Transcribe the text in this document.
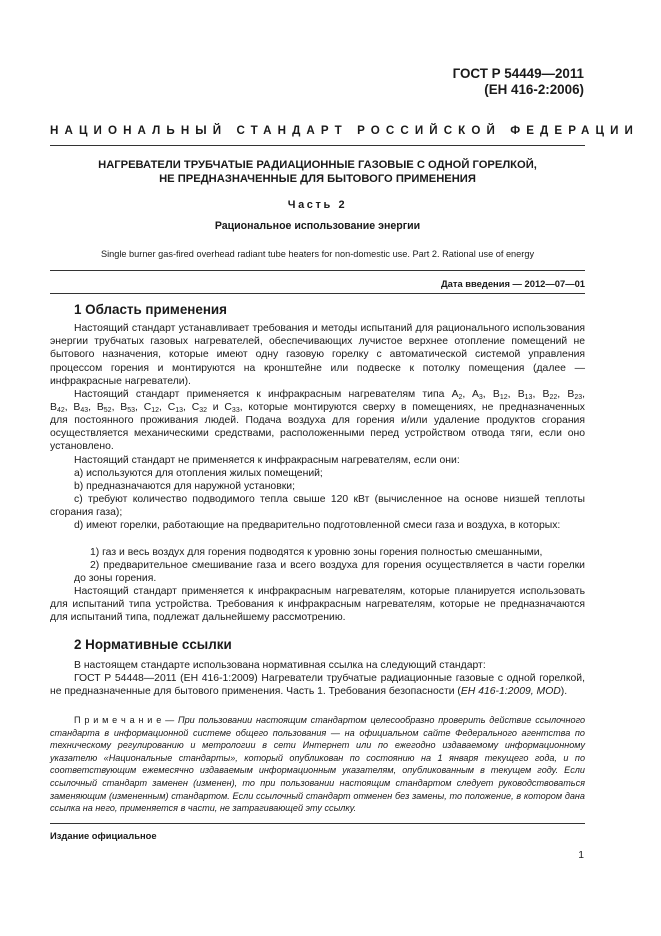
ГОСТ Р 54449—2011
(ЕН 416-2:2006)
НАЦИОНАЛЬНЫЙ СТАНДАРТ РОССИЙСКОЙ ФЕДЕРАЦИИ
НАГРЕВАТЕЛИ ТРУБЧАТЫЕ РАДИАЦИОННЫЕ ГАЗОВЫЕ С ОДНОЙ ГОРЕЛКОЙ,
НЕ ПРЕДНАЗНАЧЕННЫЕ ДЛЯ БЫТОВОГО ПРИМЕНЕНИЯ
Часть 2
Рациональное использование энергии
Single burner gas-fired overhead radiant tube heaters for non-domestic use. Part 2. Rational use of energy
Дата введения — 2012—07—01
1 Область применения
Настоящий стандарт устанавливает требования и методы испытаний для рационального использования энергии трубчатых газовых нагревателей, обеспечивающих лучистое верхнее отопление помещений не бытового назначения, которые имеют одну газовую горелку с автоматической системой управления процессом горения и монтируются на кронштейне или подвеске к потолку помещения (далее — инфракрасные нагреватели).
Настоящий стандарт применяется к инфракрасным нагревателям типа $A_2$, $A_3$, $B_{12}$, $B_{13}$, $B_{22}$, $B_{23}$,
$B_{42}$, $B_{43}$, $B_{52}$, $B_{53}$, $C_{12}$, $C_{13}$, $C_{32}$ и $C_{33}$, которые монтируются сверху в помещениях, не предназначенных
для постоянного проживания людей. Подача воздуха для горения и/или удаление продуктов сгорания осуществляется механическими средствами, расположенными перед устройством отвода тяги, если оно установлено.
Настоящий стандарт не применяется к инфракрасным нагревателям, если они:
а) используются для отопления жилых помещений;
b) предназначаются для наружной установки;
с) требуют количество подводимого тепла свыше 120 кВт (вычисленное на основе низшей теплоты сгорания газа);
d) имеют горелки, работающие на предварительно подготовленной смеси газа и воздуха, в которых:
1) газ и весь воздух для горения подводятся к уровню зоны горения полностью смешанными,
2) предварительное смешивание газа и всего воздуха для горения осуществляется в части горелки до зоны горения.
Настоящий стандарт применяется к инфракрасным нагревателям, которые планируется использовать для испытаний типа устройства. Требования к инфракрасным нагревателям, которые не предназначаются для испытаний типа, подлежат дальнейшему рассмотрению.
2 Нормативные ссылки
В настоящем стандарте использована нормативная ссылка на следующий стандарт:
ГОСТ Р 54448—2011 (ЕН 416-1:2009) Нагреватели трубчатые радиационные газовые с одной горелкой, не предназначенные для бытового применения. Часть 1. Требования безопасности (ЕН 416-1:2009, MOD).
П р и м е ч а н и е — При пользовании настоящим стандартом целесообразно проверить действие ссылочного стандарта в информационной системе общего пользования — на официальном сайте Федерального агентства по техническому регулированию и метрологии в сети Интернет или по ежегодно издаваемому информационному указателю «Национальные стандарты», который опубликован по состоянию на 1 января текущего года, и по соответствующим ежемесячно издаваемым информационным указателям, опубликованным в текущем году. Если ссылочный стандарт заменен (изменен), то при пользовании настоящим стандартом следует руководствоваться заменяющим (измененным) стандартом. Если ссылочный стандарт отменен без замены, то положение, в котором дана ссылка на него, применяется в части, не затрагивающей эту ссылку.
Издание официальное
1
